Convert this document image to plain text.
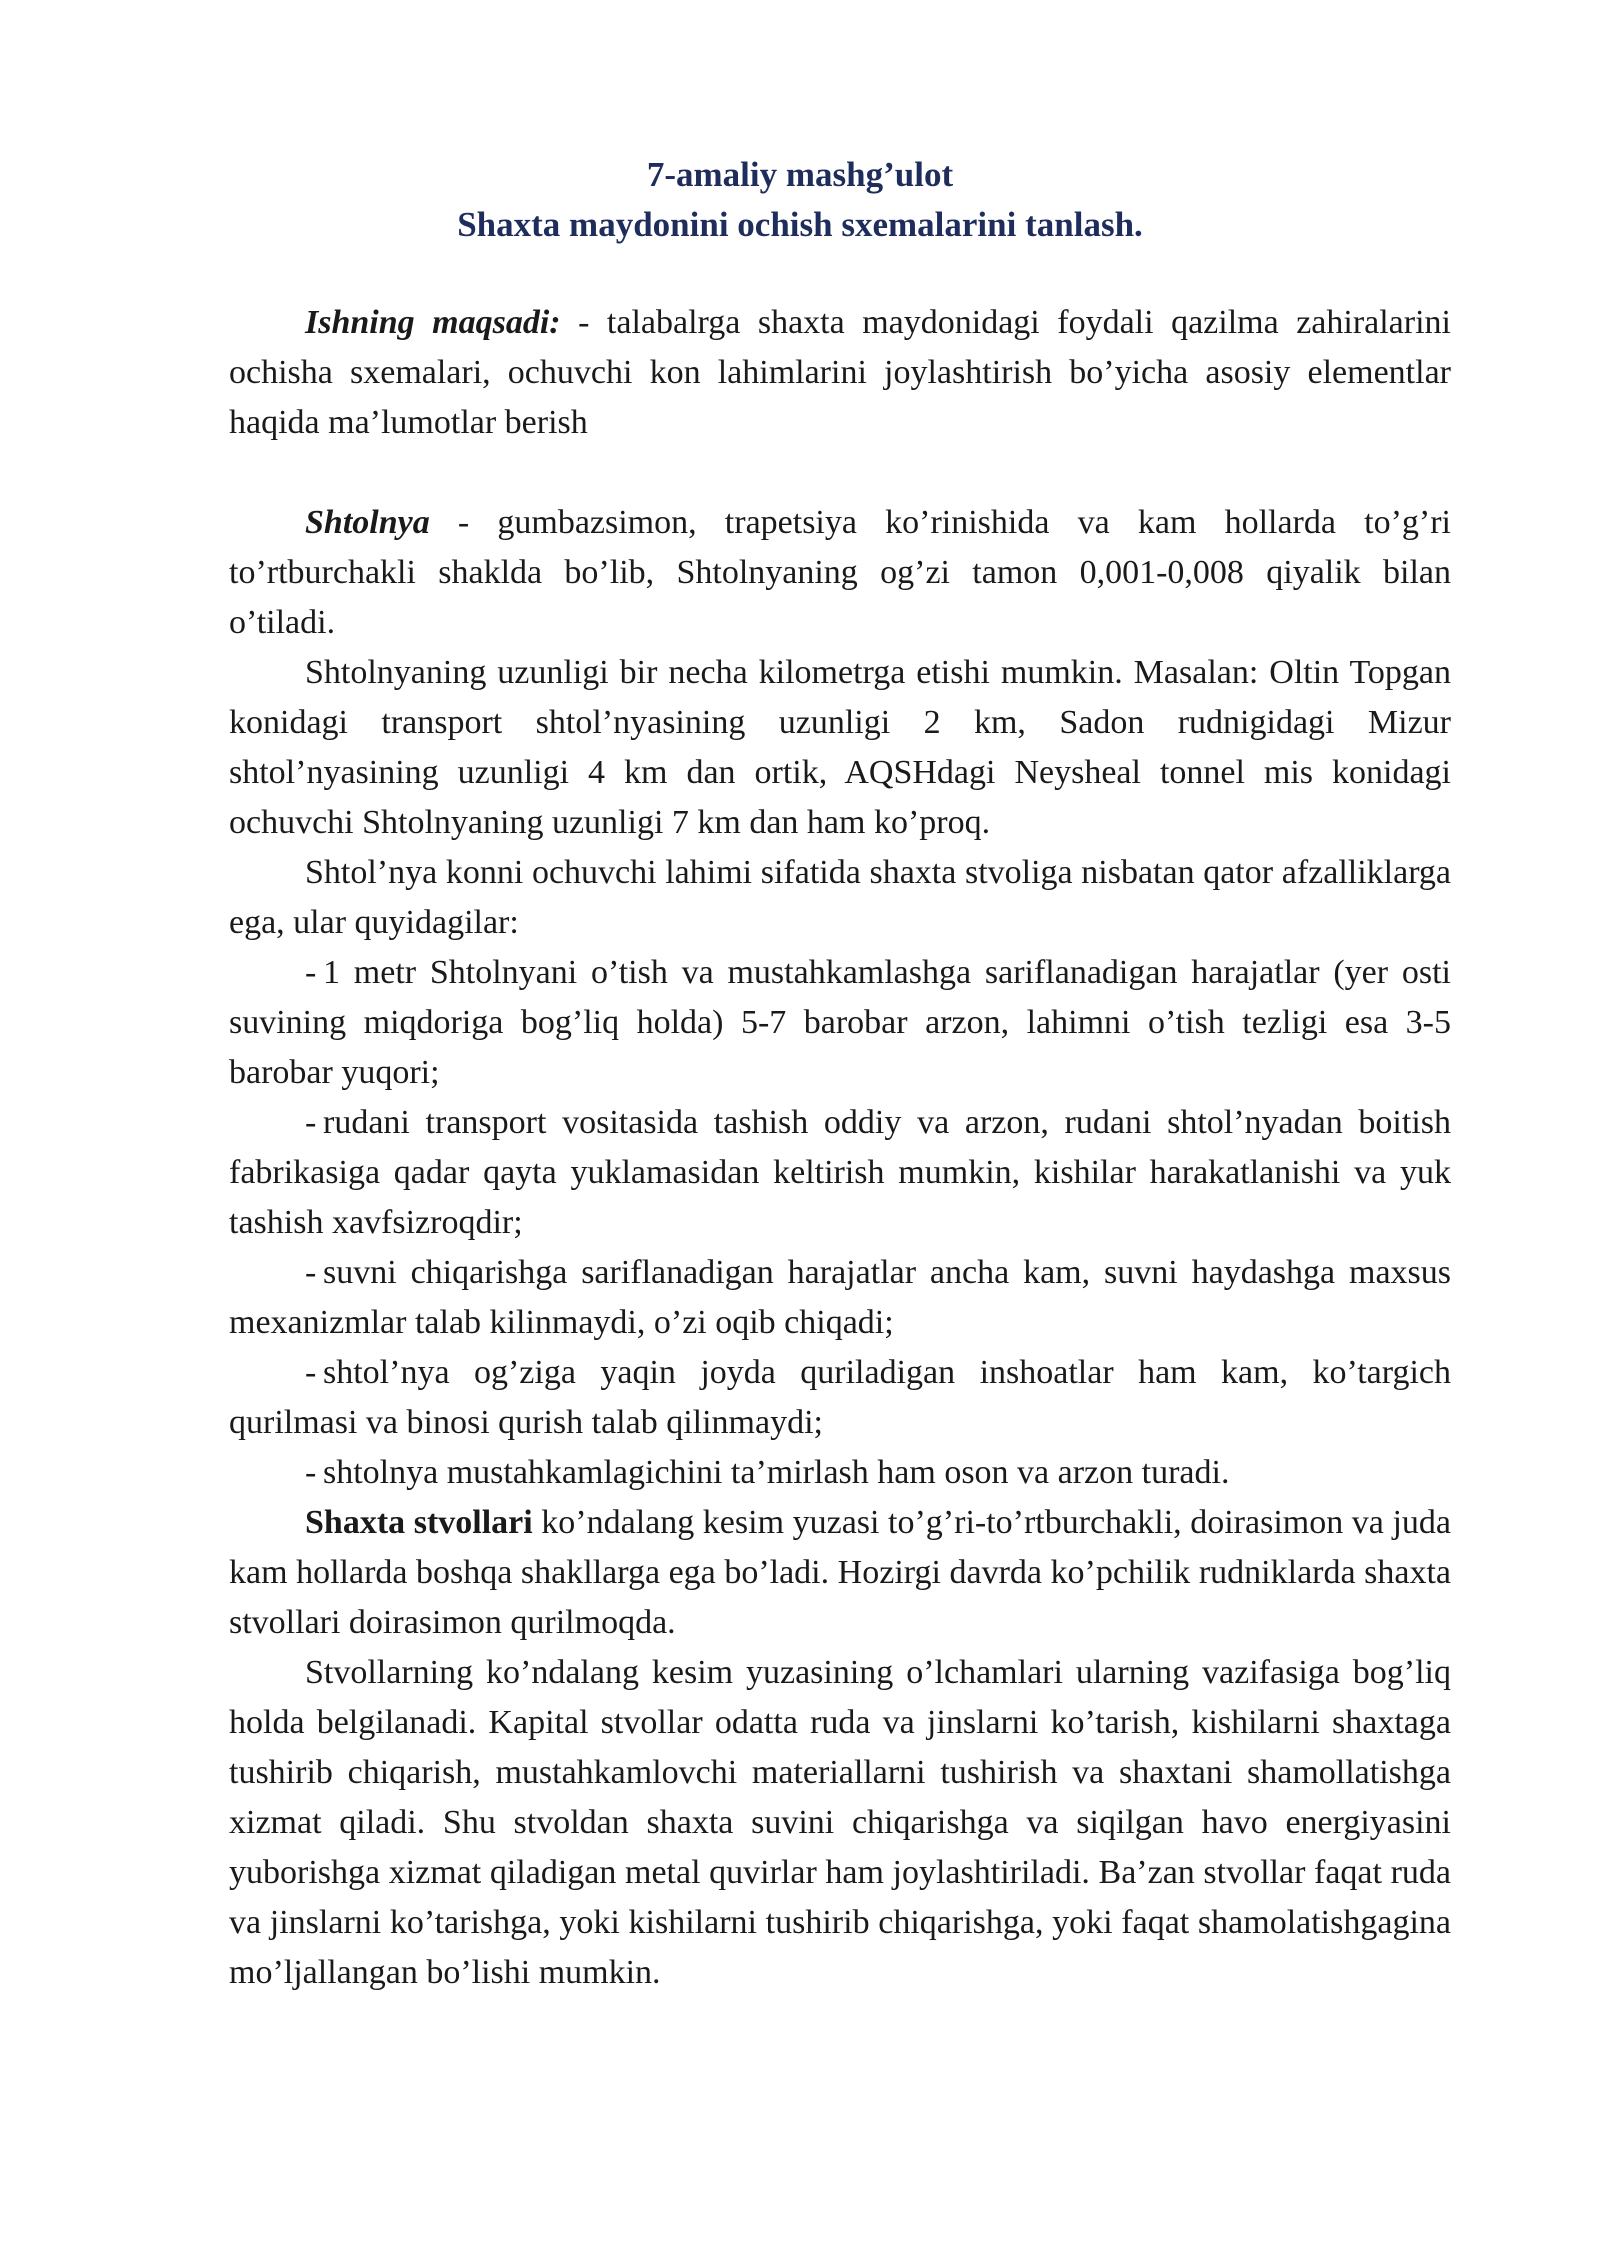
7-amaliy mashg’ulot
Shaxta maydonini ochish sxemalarini tanlash.

Ishning maqsadi: - talabalrga shaxta maydonidagi foydali qazilma zahiralarini ochisha sxemalari, ochuvchi kon lahimlarini joylashtirish bo’yicha asosiy elementlar haqida ma’lumotlar berish

Shtolnya - gumbazsimon, trapetsiya ko’rinishida va kam hollarda to’g’ri to’rtburchakli shaklda bo’lib, Shtolnyaning og’zi tamon 0,001-0,008 qiyalik bilan o’tiladi.

Shtolnyaning uzunligi bir necha kilometrga etishi mumkin. Masalan: Oltin Topgan konidagi transport shtol’nyasining uzunligi 2 km, Sadon rudnigidagi Mizur shtol’nyasining uzunligi 4 km dan ortik, AQSHdagi Neysheal tonnel mis konidagi ochuvchi Shtolnyaning uzunligi 7 km dan ham ko’proq.

Shtol’nya konni ochuvchi lahimi sifatida shaxta stvoliga nisbatan qator afzalliklarga ega, ular quyidagilar:

- 1 metr Shtolnyani o’tish va mustahkamlashga sariflanadigan harajatlar (yer osti suvining miqdoriga bog’liq holda) 5-7 barobar arzon, lahimni o’tish tezligi esa 3-5 barobar yuqori;

- rudani transport vositasida tashish oddiy va arzon, rudani shtol’nyadan boitish fabrikasiga qadar qayta yuklamasidan keltirish mumkin, kishilar harakatlanishi va yuk tashish xavfsizroqdir;

- suvni chiqarishga sariflanadigan harajatlar ancha kam, suvni haydashga maxsus mexanizmlar talab kilinmaydi, o’zi oqib chiqadi;

- shtol’nya og’ziga yaqin joyda quriladigan inshoatlar ham kam, ko’targich qurilmasi va binosi qurish talab qilinmaydi;

- shtolnya mustahkamlagichini ta’mirlash ham oson va arzon turadi.

Shaxta stvollari ko’ndalang kesim yuzasi to’g’ri-to’rtburchakli, doirasimon va juda kam hollarda boshqa shakllarga ega bo’ladi. Hozirgi davrda ko’pchilik rudniklarda shaxta stvollari doirasimon qurilmoqda.

Stvollarning ko’ndalang kesim yuzasining o’lchamlari ularning vazifasiga bog’liq holda belgilanadi. Kapital stvollar odatta ruda va jinslarni ko’tarish, kishilarni shaxtaga tushirib chiqarish, mustahkamlovchi materiallarni tushirish va shaxtani shamollatishga xizmat qiladi. Shu stvoldan shaxta suvini chiqarishga va siqilgan havo energiyasini yuborishga xizmat qiladigan metal quvirlar ham joylashtiriladi. Ba’zan stvollar faqat ruda va jinslarni ko’tarishga, yoki kishilarni tushirib chiqarishga, yoki faqat shamolatishgagina mo’ljallangan bo’lishi mumkin.
